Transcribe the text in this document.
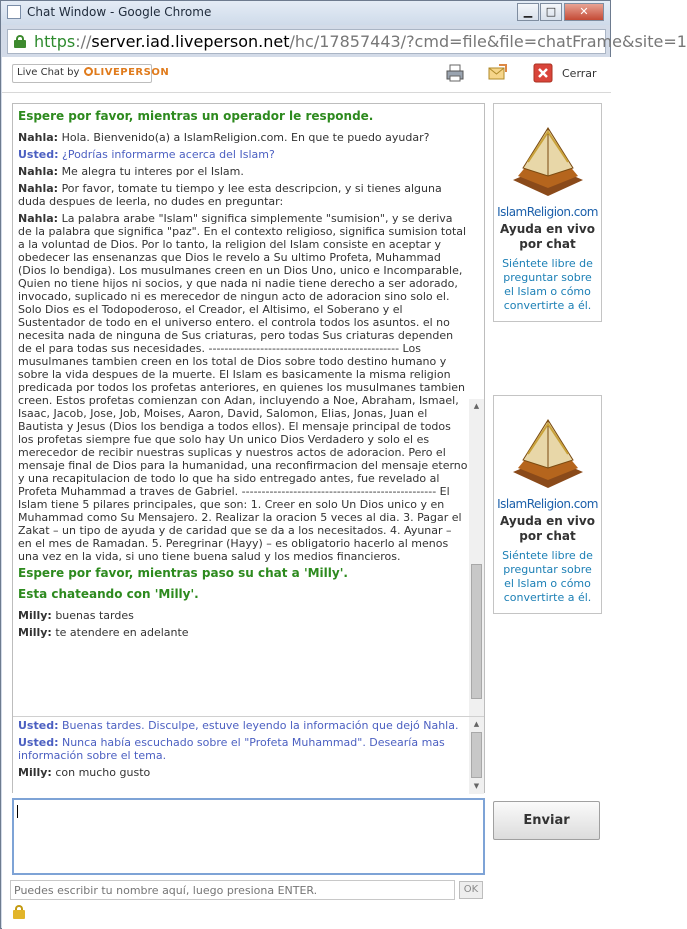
Chat Window - Google Chrome	▁	□	✕
https://server.iad.liveperson.net/hc/17857443/?cmd=file&file=chatFrame&site=1
Live Chat by LIVEPERSON	Cerrar
Espere por favor, mientras un operador le responde.
Nahla: Hola. Bienvenido(a) a IslamReligion.com. En que te puedo ayudar?
Usted: ¿Podrías informarme acerca del Islam?
Nahla: Me alegra tu interes por el Islam.
Nahla: Por favor, tomate tu tiempo y lee esta descripcion, y si tienes alguna duda despues de leerla, no dudes en preguntar:
Nahla: La palabra arabe "Islam" significa simplemente "sumision", y se deriva de la palabra que significa "paz". En el contexto religioso, significa sumision total a la voluntad de Dios. Por lo tanto, la religion del Islam consiste en aceptar y obedecer las ensenanzas que Dios le revelo a Su ultimo Profeta, Muhammad (Dios lo bendiga). Los musulmanes creen en un Dios Uno, unico e Incomparable, Quien no tiene hijos ni socios, y que nada ni nadie tiene derecho a ser adorado, invocado, suplicado ni es merecedor de ningun acto de adoracion sino solo el. Solo Dios es el Todopoderoso, el Creador, el Altisimo, el Soberano y el Sustentador de todo en el universo entero. el controla todos los asuntos. el no necesita nada de ninguna de Sus criaturas, pero todas Sus criaturas dependen de el para todas sus necesidades. ------------------------------------------------ Los musulmanes tambien creen en los total de Dios sobre todo destino humano y sobre la vida despues de la muerte. El Islam es basicamente la misma religion predicada por todos los profetas anteriores, en quienes los musulmanes tambien creen. Estos profetas comienzan con Adan, incluyendo a Noe, Abraham, Ismael, Isaac, Jacob, Jose, Job, Moises, Aaron, David, Salomon, Elias, Jonas, Juan el Bautista y Jesus (Dios los bendiga a todos ellos). El mensaje principal de todos los profetas siempre fue que solo hay Un unico Dios Verdadero y solo el es merecedor de recibir nuestras suplicas y nuestros actos de adoracion. Pero el mensaje final de Dios para la humanidad, una reconfirmacion del mensaje eterno y una recapitulacion de todo lo que ha sido entregado antes, fue revelado al Profeta Muhammad a traves de Gabriel. ------------------------------------------------- El Islam tiene 5 pilares principales, que son: 1. Creer en solo Un Dios unico y en Muhammad como Su Mensajero. 2. Realizar la oracion 5 veces al dia. 3. Pagar el Zakat – un tipo de ayuda y de caridad que se da a los necesitados. 4. Ayunar – en el mes de Ramadan. 5. Peregrinar (Hayy) – es obligatorio hacerlo al menos una vez en la vida, si uno tiene buena salud y los medios financieros.
Espere por favor, mientras paso su chat a 'Milly'.
Esta chateando con 'Milly'.
Milly: buenas tardes
Milly: te atendere en adelante
▲
Usted: Buenas tardes. Disculpe, estuve leyendo la información que dejó Nahla.
Usted: Nunca había escuchado sobre el "Profeta Muhammad". Desearía mas información sobre el tema.
Milly: con mucho gusto
▲
▼
IslamReligion.com
Ayuda en vivo por chat
Siéntete libre de preguntar sobre el Islam o cómo convertirte a él.
IslamReligion.com
Ayuda en vivo por chat
Siéntete libre de preguntar sobre el Islam o cómo convertirte a él.
Enviar
Puedes escribir tu nombre aquí, luego presiona ENTER.
OK
